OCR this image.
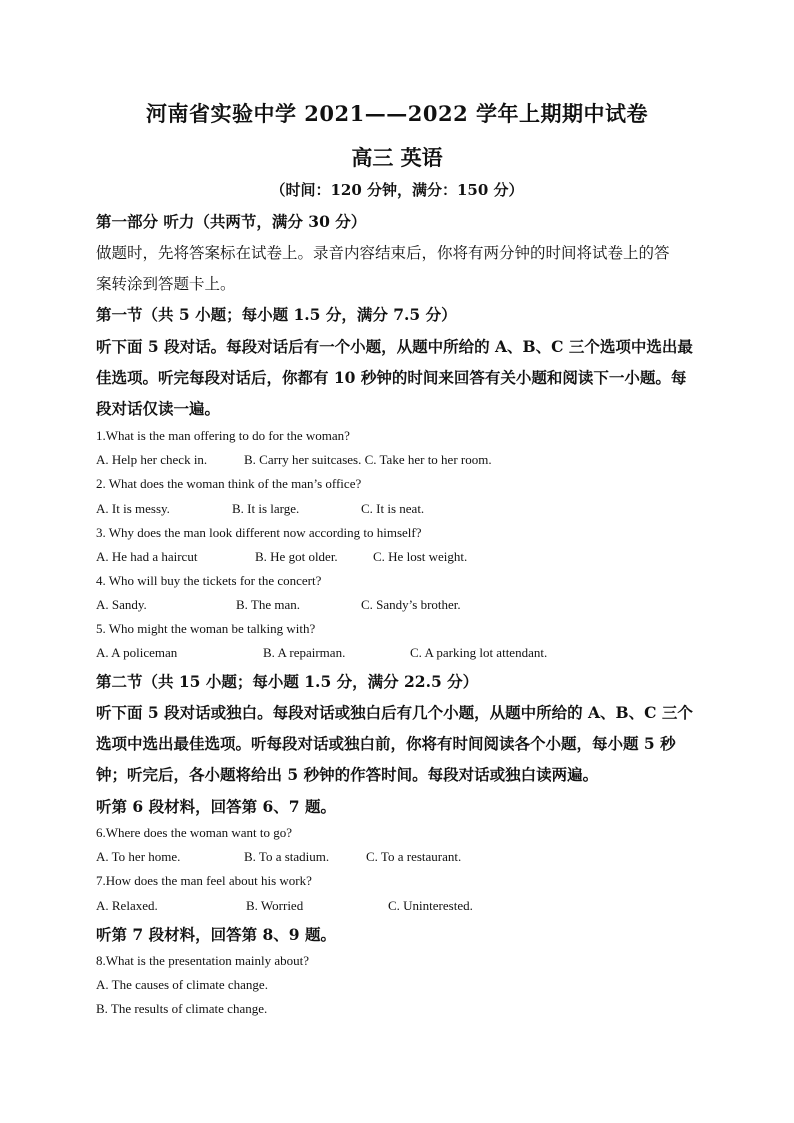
河南省实验中学 2021——2022 学年上期期中试卷
高三 英语
（时间：120 分钟，满分：150 分）
第一部分 听力（共两节，满分 30 分）
做题时，先将答案标在试卷上。录音内容结束后，你将有两分钟的时间将试卷上的答
案转涂到答题卡上。
第一节（共 5 小题；每小题 1.5 分，满分 7.5 分）
听下面 5 段对话。每段对话后有一个小题，从题中所给的 A、B、C 三个选项中选出最
佳选项。听完每段对话后，你都有 10 秒钟的时间来回答有关小题和阅读下一小题。每
段对话仅读一遍。
1.What is the man offering to do for the woman?
A. Help her check in.	B. Carry her suitcases. C. Take her to her room.
2. What does the woman think of the man’s office?
A. It is messy.	B. It is large.	C. It is neat.
3. Why does the man look different now according to himself?
A. He had a haircut	B. He got older.	C. He lost weight.
4. Who will buy the tickets for the concert?
A. Sandy.	B. The man.	C. Sandy’s brother.
5. Who might the woman be talking with?
A. A policeman	B. A repairman.	C. A parking lot attendant.
第二节（共 15 小题；每小题 1.5 分，满分 22.5 分）
听下面 5 段对话或独白。每段对话或独白后有几个小题，从题中所给的 A、B、C 三个
选项中选出最佳选项。听每段对话或独白前，你将有时间阅读各个小题，每小题 5 秒
钟；听完后，各小题将给出 5 秒钟的作答时间。每段对话或独白读两遍。
听第 6 段材料，回答第 6、7 题。
6.Where does the woman want to go?
A. To her home.	B. To a stadium.	C. To a restaurant.
7.How does the man feel about his work?
A. Relaxed.	B. Worried	C. Uninterested.
听第 7 段材料，回答第 8、9 题。
8.What is the presentation mainly about?
A. The causes of climate change.
B. The results of climate change.
